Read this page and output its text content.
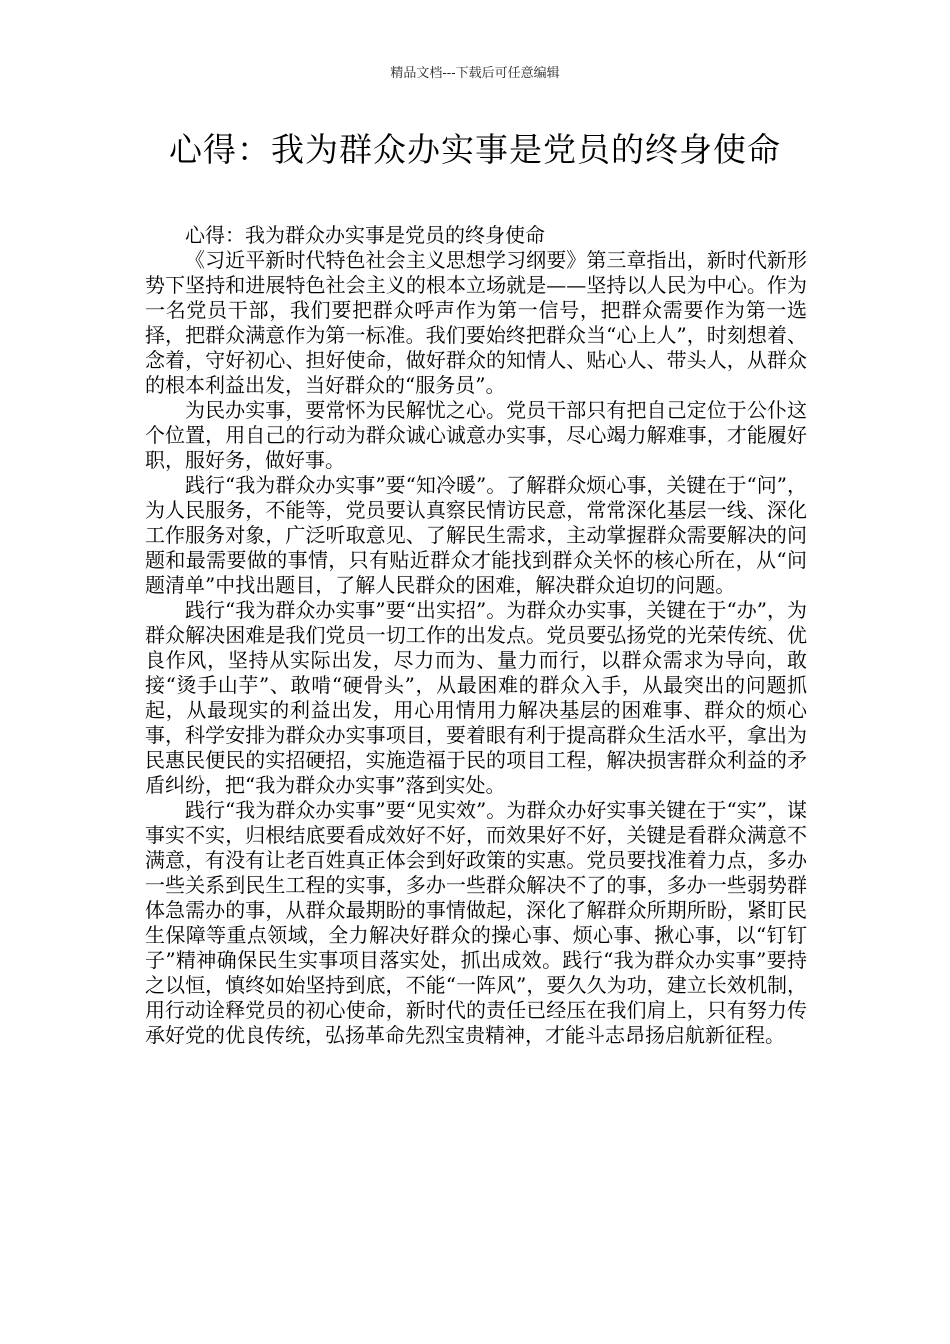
精品文档---下载后可任意编辑
心得：我为群众办实事是党员的终身使命

心得：我为群众办实事是党员的终身使命

《习近平新时代特色社会主义思想学习纲要》第三章指出，新时代新形势下坚持和进展特色社会主义的根本立场就是——坚持以人民为中心。作为一名党员干部，我们要把群众呼声作为第一信号，把群众需要作为第一选择，把群众满意作为第一标准。我们要始终把群众当“心上人”，时刻想着、念着，守好初心、担好使命，做好群众的知情人、贴心人、带头人，从群众的根本利益出发，当好群众的“服务员”。

为民办实事，要常怀为民解忧之心。党员干部只有把自己定位于公仆这个位置，用自己的行动为群众诚心诚意办实事，尽心竭力解难事，才能履好职，服好务，做好事。

践行“我为群众办实事”要“知冷暖”。了解群众烦心事，关键在于“问”，为人民服务，不能等，党员要认真察民情访民意，常常深化基层一线、深化工作服务对象，广泛听取意见、了解民生需求，主动掌握群众需要解决的问题和最需要做的事情，只有贴近群众才能找到群众关怀的核心所在，从“问题清单”中找出题目，了解人民群众的困难，解决群众迫切的问题。

践行“我为群众办实事”要“出实招”。为群众办实事，关键在于“办”，为群众解决困难是我们党员一切工作的出发点。党员要弘扬党的光荣传统、优良作风，坚持从实际出发，尽力而为、量力而行，以群众需求为导向，敢接“烫手山芋”、敢啃“硬骨头”，从最困难的群众入手，从最突出的问题抓起，从最现实的利益出发，用心用情用力解决基层的困难事、群众的烦心事，科学安排为群众办实事项目，要着眼有利于提高群众生活水平，拿出为民惠民便民的实招硬招，实施造福于民的项目工程，解决损害群众利益的矛盾纠纷，把“我为群众办实事”落到实处。

践行“我为群众办实事”要“见实效”。为群众办好实事关键在于“实”，谋事实不实，归根结底要看成效好不好，而效果好不好，关键是看群众满意不满意，有没有让老百姓真正体会到好政策的实惠。党员要找准着力点，多办一些关系到民生工程的实事，多办一些群众解决不了的事，多办一些弱势群体急需办的事，从群众最期盼的事情做起，深化了解群众所期所盼，紧盯民生保障等重点领域，全力解决好群众的操心事、烦心事、揪心事，以“钉钉子”精神确保民生实事项目落实处，抓出成效。践行“我为群众办实事”要持之以恒，慎终如始坚持到底，不能“一阵风”，要久久为功，建立长效机制，用行动诠释党员的初心使命，新时代的责任已经压在我们肩上，只有努力传承好党的优良传统，弘扬革命先烈宝贵精神，才能斗志昂扬启航新征程。
